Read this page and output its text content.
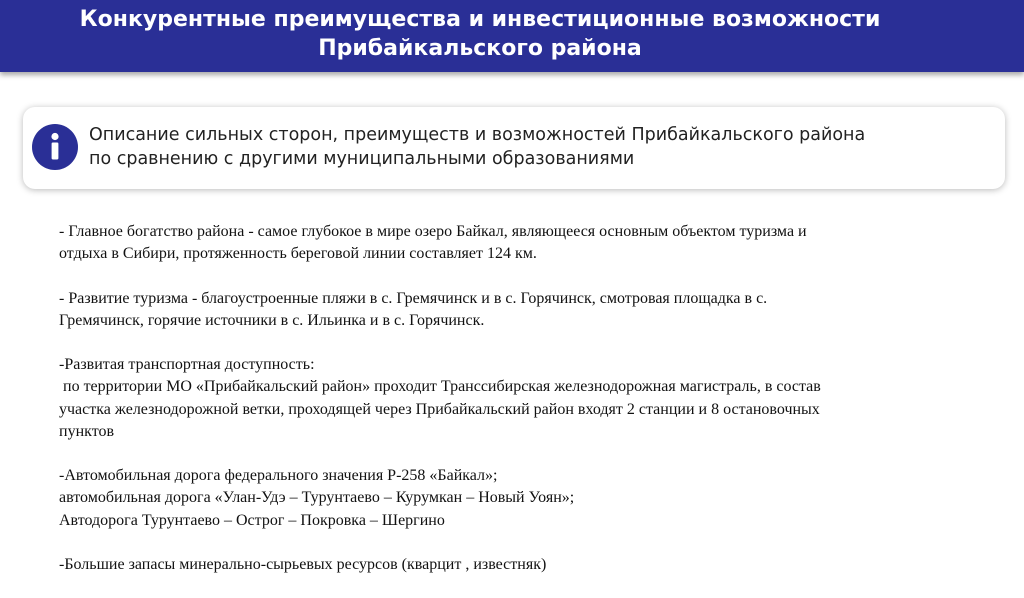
Конкурентные преимущества и инвестиционные возможности
Прибайкальского района
Описание сильных сторон, преимуществ и возможностей Прибайкальского района
по сравнению с другими муниципальными образованиями

- Главное богатство района - самое глубокое в мире озеро Байкал, являющееся основным объектом туризма и
отдыха в Сибири, протяженность береговой линии составляет 124 км.

- Развитие туризма - благоустроенные пляжи в с. Гремячинск и в с. Горячинск, смотровая площадка в с.
Гремячинск, горячие источники в с. Ильинка и в с. Горячинск.

-Развитая транспортная доступность:
по территории МО «Прибайкальский район» проходит Транссибирская железнодорожная магистраль, в состав
участка железнодорожной ветки, проходящей через Прибайкальский район входят 2 станции и 8 остановочных
пунктов

-Автомобильная дорога федерального значения Р-258 «Байкал»;
автомобильная дорога «Улан-Удэ – Турунтаево – Курумкан – Новый Уоян»;
Автодорога Турунтаево – Острог – Покровка – Шергино

-Большие запасы минерально-сырьевых ресурсов (кварцит , известняк)
